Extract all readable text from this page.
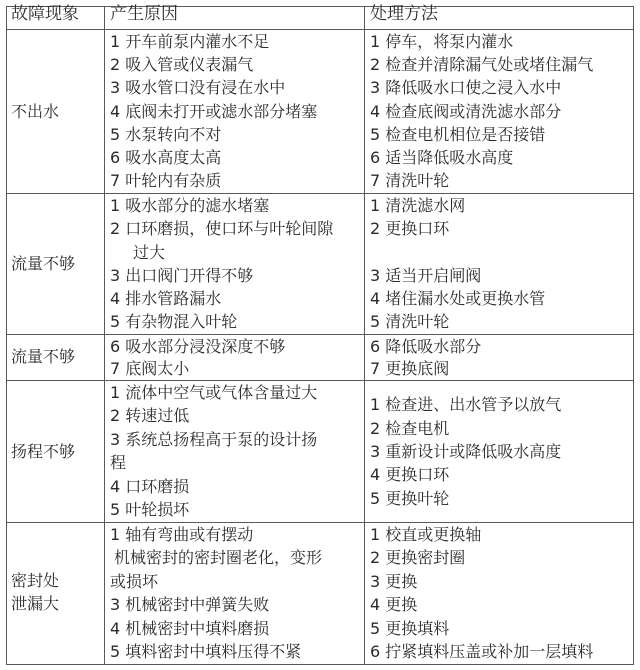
故障现象 产生原因	处理方法
不出水
1 开车前泵内灌水不足
2 吸入管或仪表漏气
3 吸水管口没有浸在水中
4 底阀未打开或滤水部分堵塞
5 水泵转向不对
6 吸水高度太高
7 叶轮内有杂质
1 停车，将泵内灌水
2 检查并清除漏气处或堵住漏气
3 降低吸水口使之浸入水中
4 检查底阀或清洗滤水部分
5 检查电机相位是否接错
6 适当降低吸水高度
7 清洗叶轮
流量不够
1 吸水部分的滤水堵塞
2 口环磨损，使口环与叶轮间隙
过大
3 出口阀门开得不够
4 排水管路漏水
5 有杂物混入叶轮
1 清洗滤水网
2 更换口环
3 适当开启闸阀
4 堵住漏水处或更换水管
5 清洗叶轮
流量不够
6 吸水部分浸没深度不够
7 底阀太小
6 降低吸水部分
7 更换底阀
扬程不够
1 流体中空气或气体含量过大
2 转速过低
3 系统总扬程高于泵的设计扬
程
4 口环磨损
5 叶轮损坏
1 检查进、出水管予以放气
2 检查电机
3 重新设计或降低吸水高度
4 更换口环
5 更换叶轮
密封处
泄漏大
1 轴有弯曲或有摆动
机械密封的密封圈老化，变形
或损坏
3 机械密封中弹簧失败
4 机械密封中填料磨损
5 填料密封中填料压得不紧
1 校直或更换轴
2 更换密封圈
3 更换
4 更换
5 更换填料
6 拧紧填料压盖或补加一层填料
